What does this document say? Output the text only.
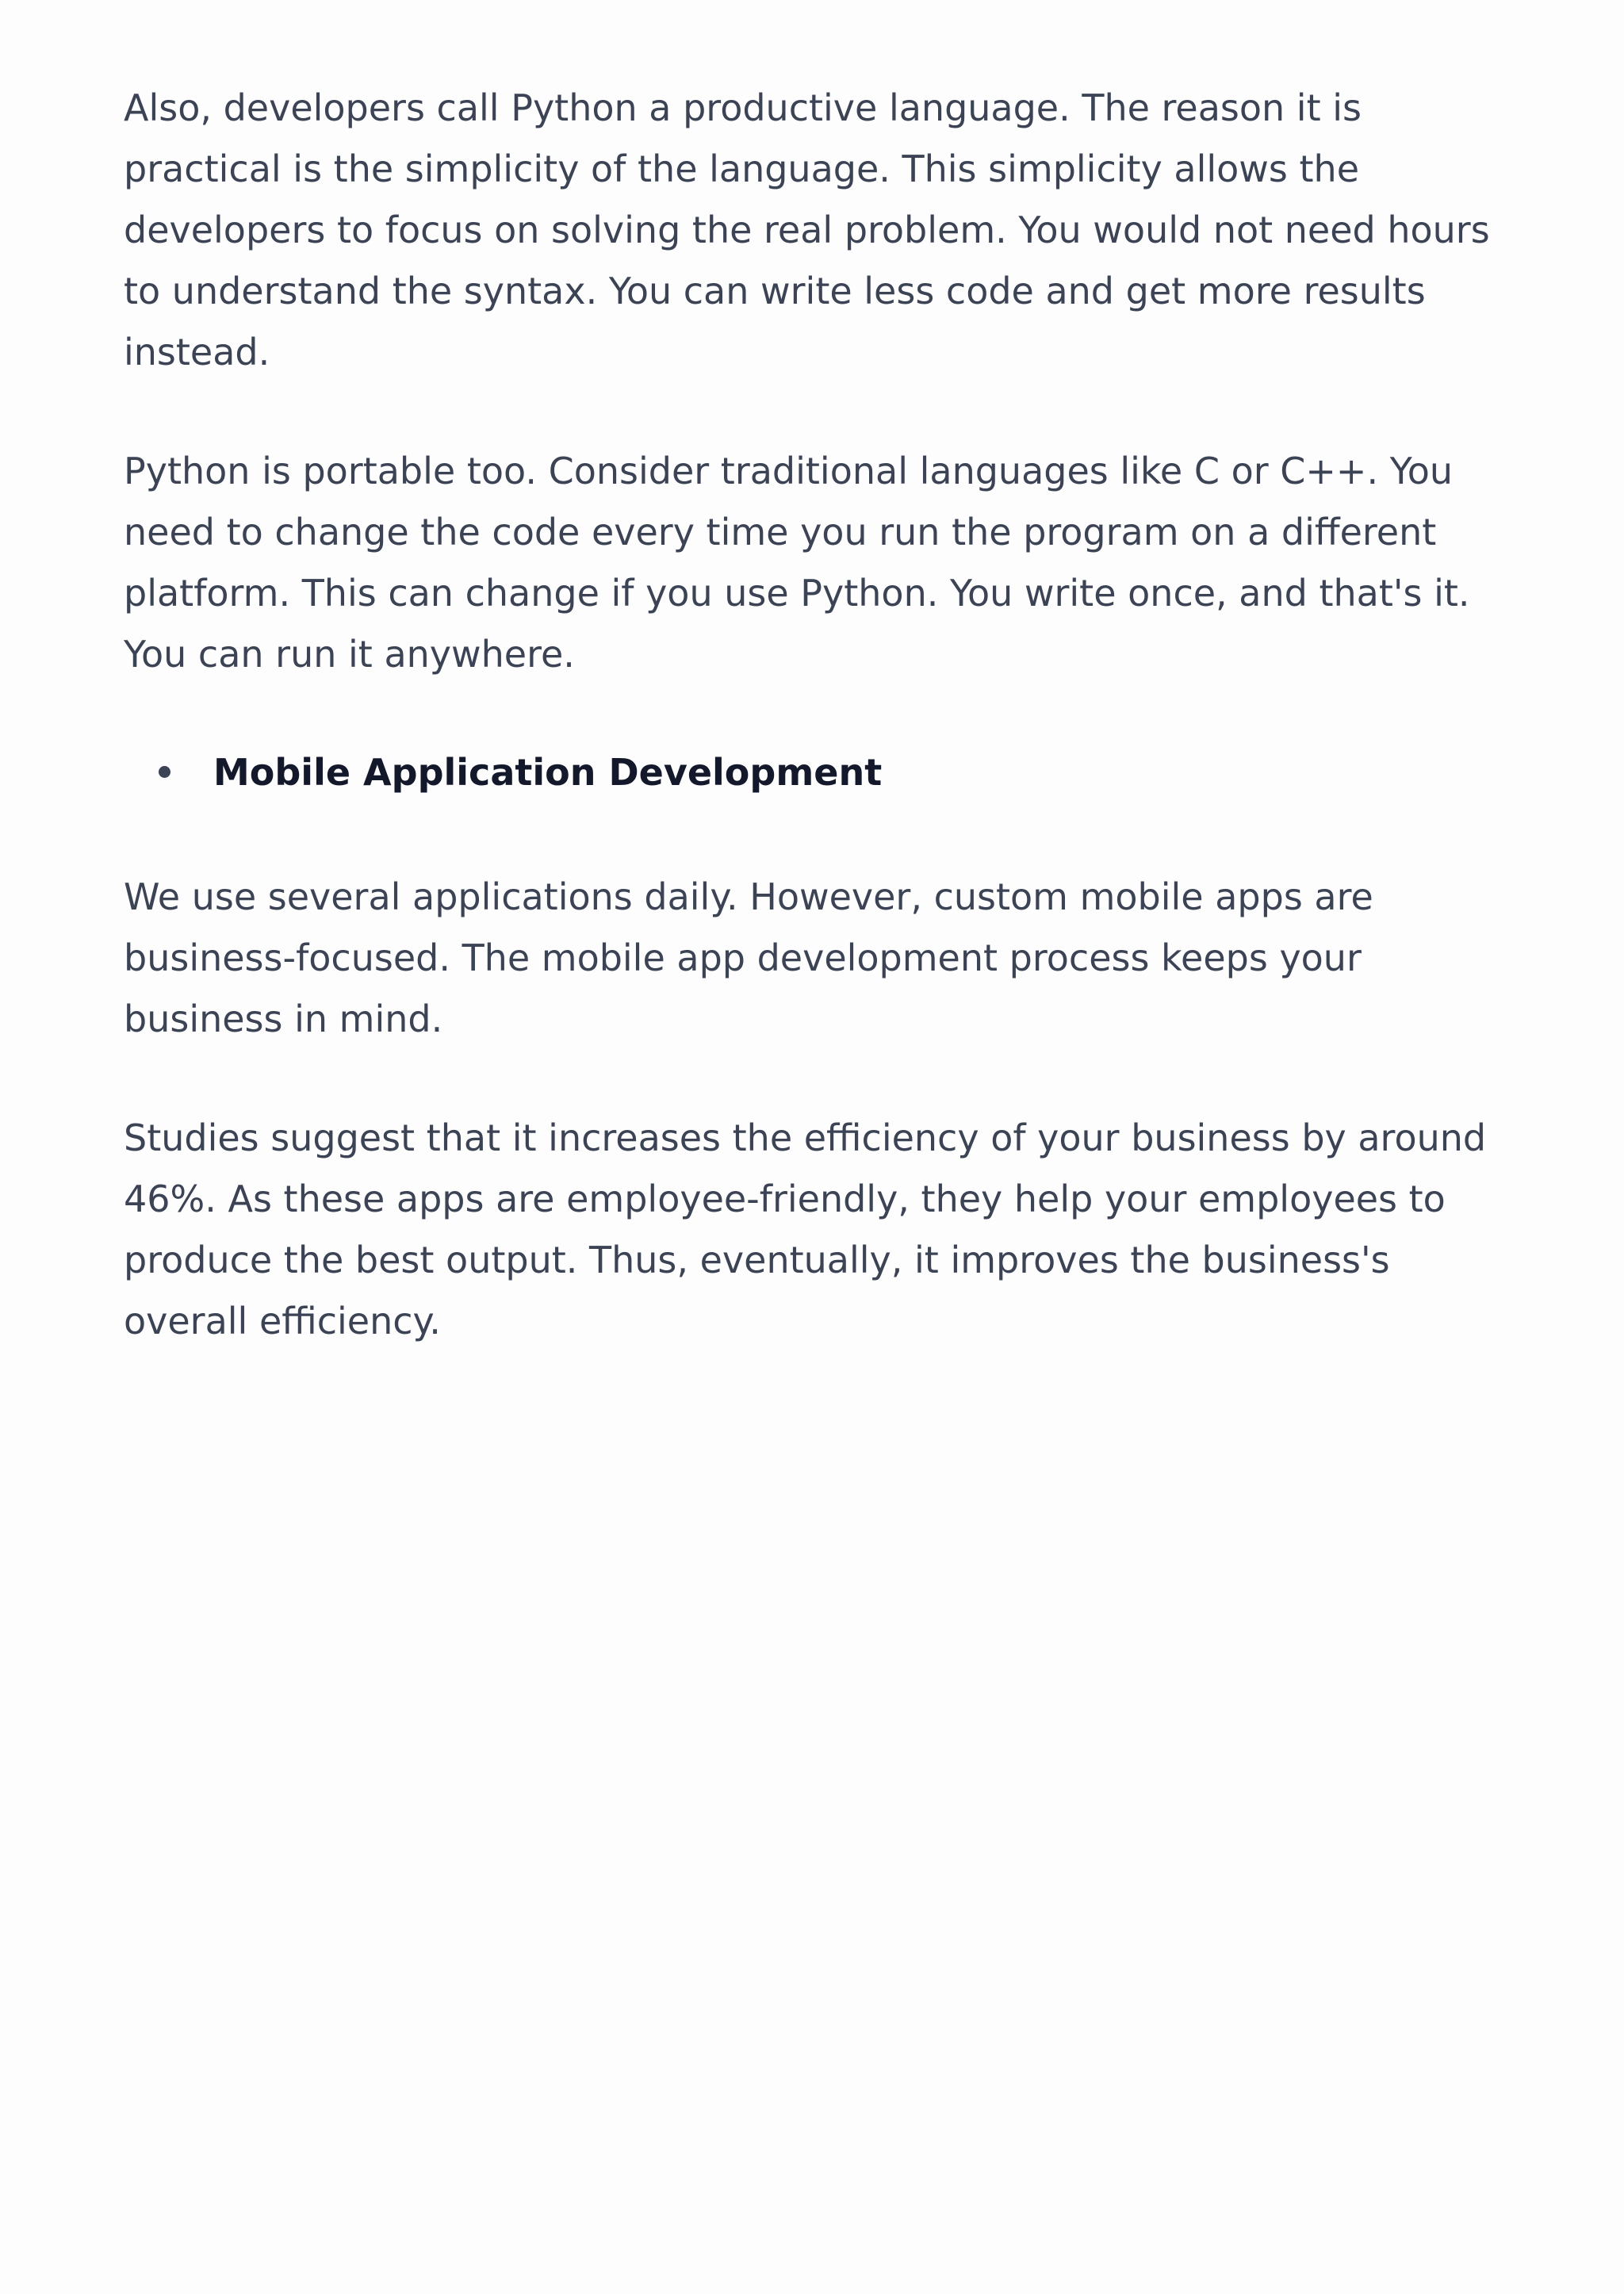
Also, developers call Python a productive language. The reason it is practical is the simplicity of the language. This simplicity allows the developers to focus on solving the real problem. You would not need hours to understand the syntax. You can write less code and get more results instead.

Python is portable too. Consider traditional languages like C or C++. You need to change the code every time you run the program on a different platform. This can change if you use Python. You write once, and that's it. You can run it anywhere.

Mobile Application Development

We use several applications daily. However, custom mobile apps are business-focused. The mobile app development process keeps your business in mind.

Studies suggest that it increases the efficiency of your business by around 46%. As these apps are employee-friendly, they help your employees to produce the best output. Thus, eventually, it improves the business's overall efficiency.
